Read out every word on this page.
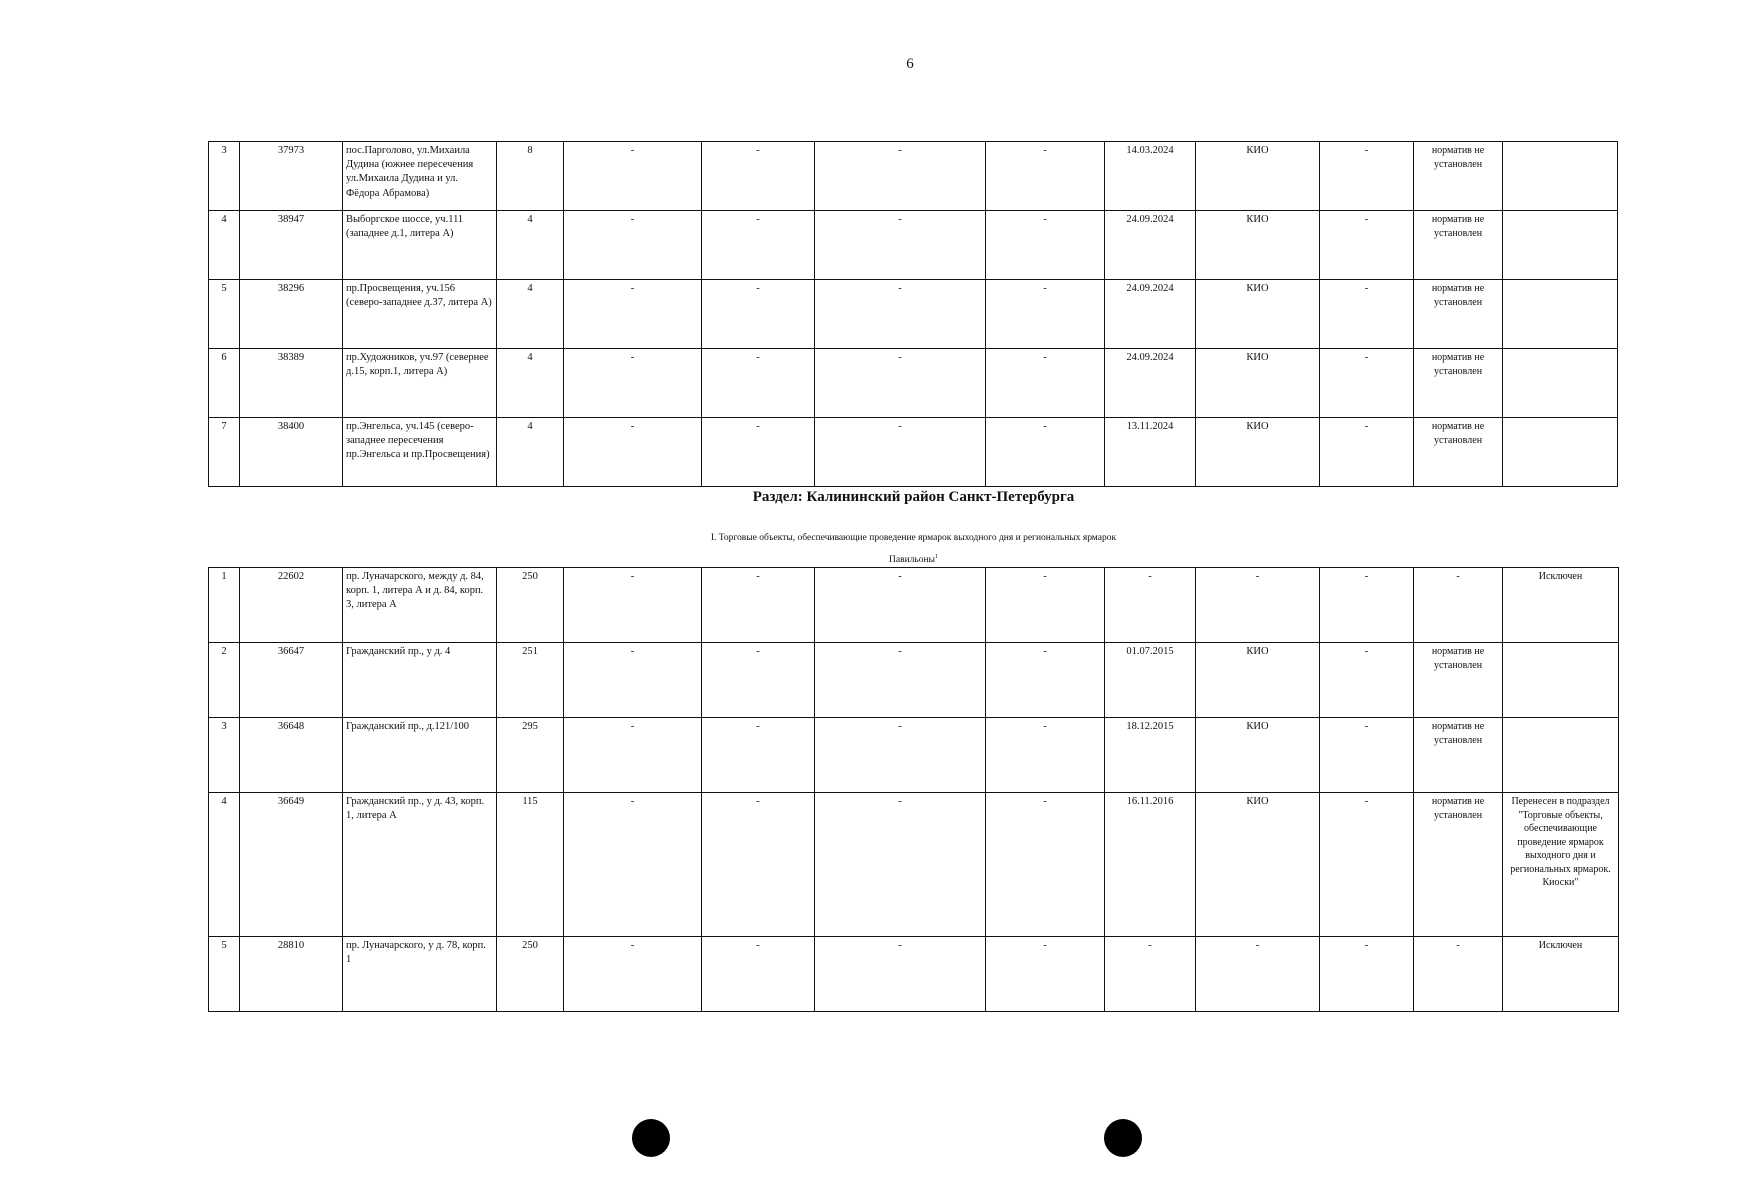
6
3	37973	пос.Парголово, ул.Михаила Дудина (южнее пересечения ул.Михаила Дудина и ул. Фёдора Абрамова)	8	-	-	-	-	14.03.2024	КИО	-	норматив не установлен	
4	38947	Выборгское шоссе, уч.111 (западнее д.1, литера А)	4	-	-	-	-	24.09.2024	КИО	-	норматив не установлен	
5	38296	пр.Просвещения, уч.156 (северо-западнее д.37, литера А)	4	-	-	-	-	24.09.2024	КИО	-	норматив не установлен	
6	38389	пр.Художников, уч.97 (севернее д.15, корп.1, литера А)	4	-	-	-	-	24.09.2024	КИО	-	норматив не установлен	
7	38400	пр.Энгельса, уч.145 (северо-западнее пересечения пр.Энгельса и пр.Просвещения)	4	-	-	-	-	13.11.2024	КИО	-	норматив не установлен	
Раздел: Калининский район Санкт-Петербурга
I. Торговые объекты, обеспечивающие проведение ярмарок выходного дня и региональных ярмарок
Павильоны$^1$
1	22602	пр. Луначарского, между д. 84, корп. 1, литера А и д. 84, корп. 3, литера А	250	-	-	-	-	-	-	-	-	Исключен
2	36647	Гражданский пр., у д. 4	251	-	-	-	-	01.07.2015	КИО	-	норматив не установлен	
3	36648	Гражданский пр., д.121/100	295	-	-	-	-	18.12.2015	КИО	-	норматив не установлен	
4	36649	Гражданский пр., у д. 43, корп. 1, литера А	115	-	-	-	-	16.11.2016	КИО	-	норматив не установлен	Перенесен в подраздел "Торговые объекты, обеспечивающие проведение ярмарок выходного дня и региональных ярмарок. Киоски"
5	28810	пр. Луначарского, у д. 78, корп. 1	250	-	-	-	-	-	-	-	-	Исключен
